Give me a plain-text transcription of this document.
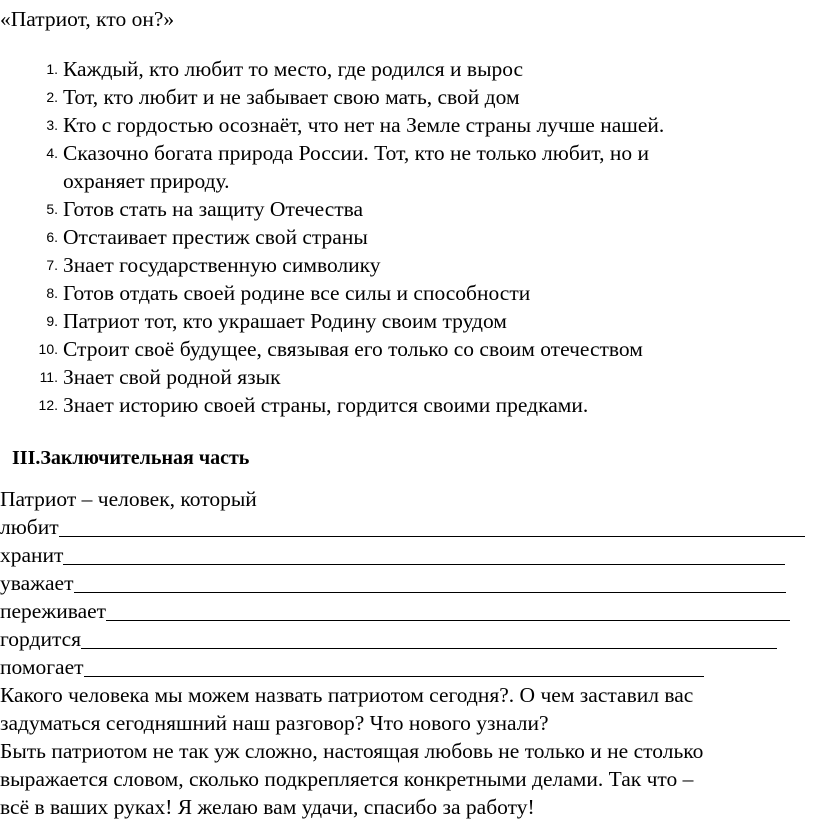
«Патриот, кто он?»
1. Каждый, кто любит то место, где родился и вырос
2. Тот, кто любит и не забывает свою мать, свой дом
3. Кто с гордостью осознаёт, что нет на Земле страны лучше нашей.
4. Сказочно богата природа России. Тот, кто не только любит, но и
охраняет природу.
5. Готов стать на защиту Отечества
6. Отстаивает престиж свой страны
7. Знает государственную символику
8. Готов отдать своей родине все силы и способности
9. Патриот тот, кто украшает Родину своим трудом
10. Строит своё будущее, связывая его только со своим отечеством
11. Знает свой родной язык
12. Знает историю своей страны, гордится своими предками.
III.Заключительная часть
Патриот – человек, который
любит
хранит
уважает
переживает
гордится
помогает
Какого человека мы можем назвать патриотом сегодня?. О чем заставил вас
задуматься сегодняшний наш разговор? Что нового узнали?
Быть патриотом не так уж сложно, настоящая любовь не только и не столько
выражается словом, сколько подкрепляется конкретными делами. Так что –
всё в ваших руках! Я желаю вам удачи, спасибо за работу!
